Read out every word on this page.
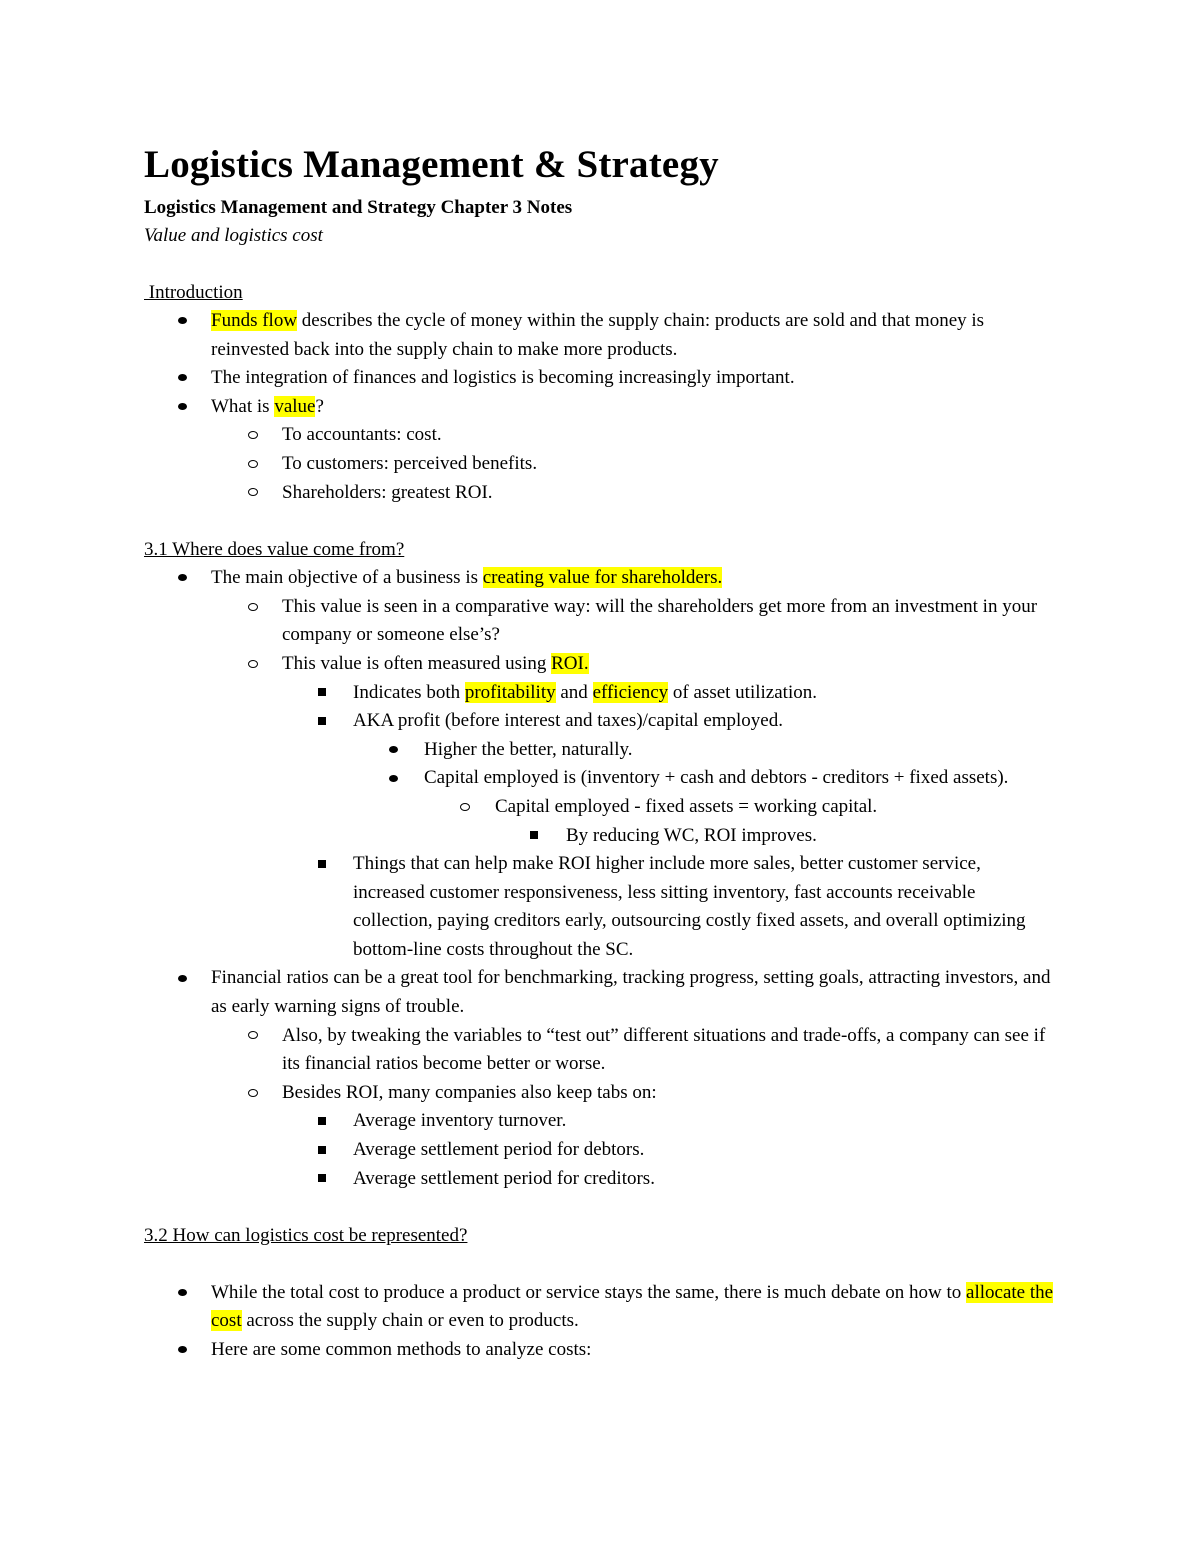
Logistics Management & Strategy
Logistics Management and Strategy Chapter 3 Notes
Value and logistics cost
Introduction
Funds flow describes the cycle of money within the supply chain: products are sold and that money is reinvested back into the supply chain to make more products.
The integration of finances and logistics is becoming increasingly important.
What is value?
To accountants: cost.
To customers: perceived benefits.
Shareholders: greatest ROI.
3.1 Where does value come from?
The main objective of a business is creating value for shareholders.
This value is seen in a comparative way: will the shareholders get more from an investment in your company or someone else’s?
This value is often measured using ROI.
Indicates both profitability and efficiency of asset utilization.
AKA profit (before interest and taxes)/capital employed.
Higher the better, naturally.
Capital employed is (inventory + cash and debtors - creditors + fixed assets).
Capital employed - fixed assets = working capital.
By reducing WC, ROI improves.
Things that can help make ROI higher include more sales, better customer service, increased customer responsiveness, less sitting inventory, fast accounts receivable collection, paying creditors early, outsourcing costly fixed assets, and overall optimizing bottom-line costs throughout the SC.
Financial ratios can be a great tool for benchmarking, tracking progress, setting goals, attracting investors, and as early warning signs of trouble.
Also, by tweaking the variables to “test out” different situations and trade-offs, a company can see if its financial ratios become better or worse.
Besides ROI, many companies also keep tabs on:
Average inventory turnover.
Average settlement period for debtors.
Average settlement period for creditors.
3.2 How can logistics cost be represented?
While the total cost to produce a product or service stays the same, there is much debate on how to allocate the cost across the supply chain or even to products.
Here are some common methods to analyze costs:
